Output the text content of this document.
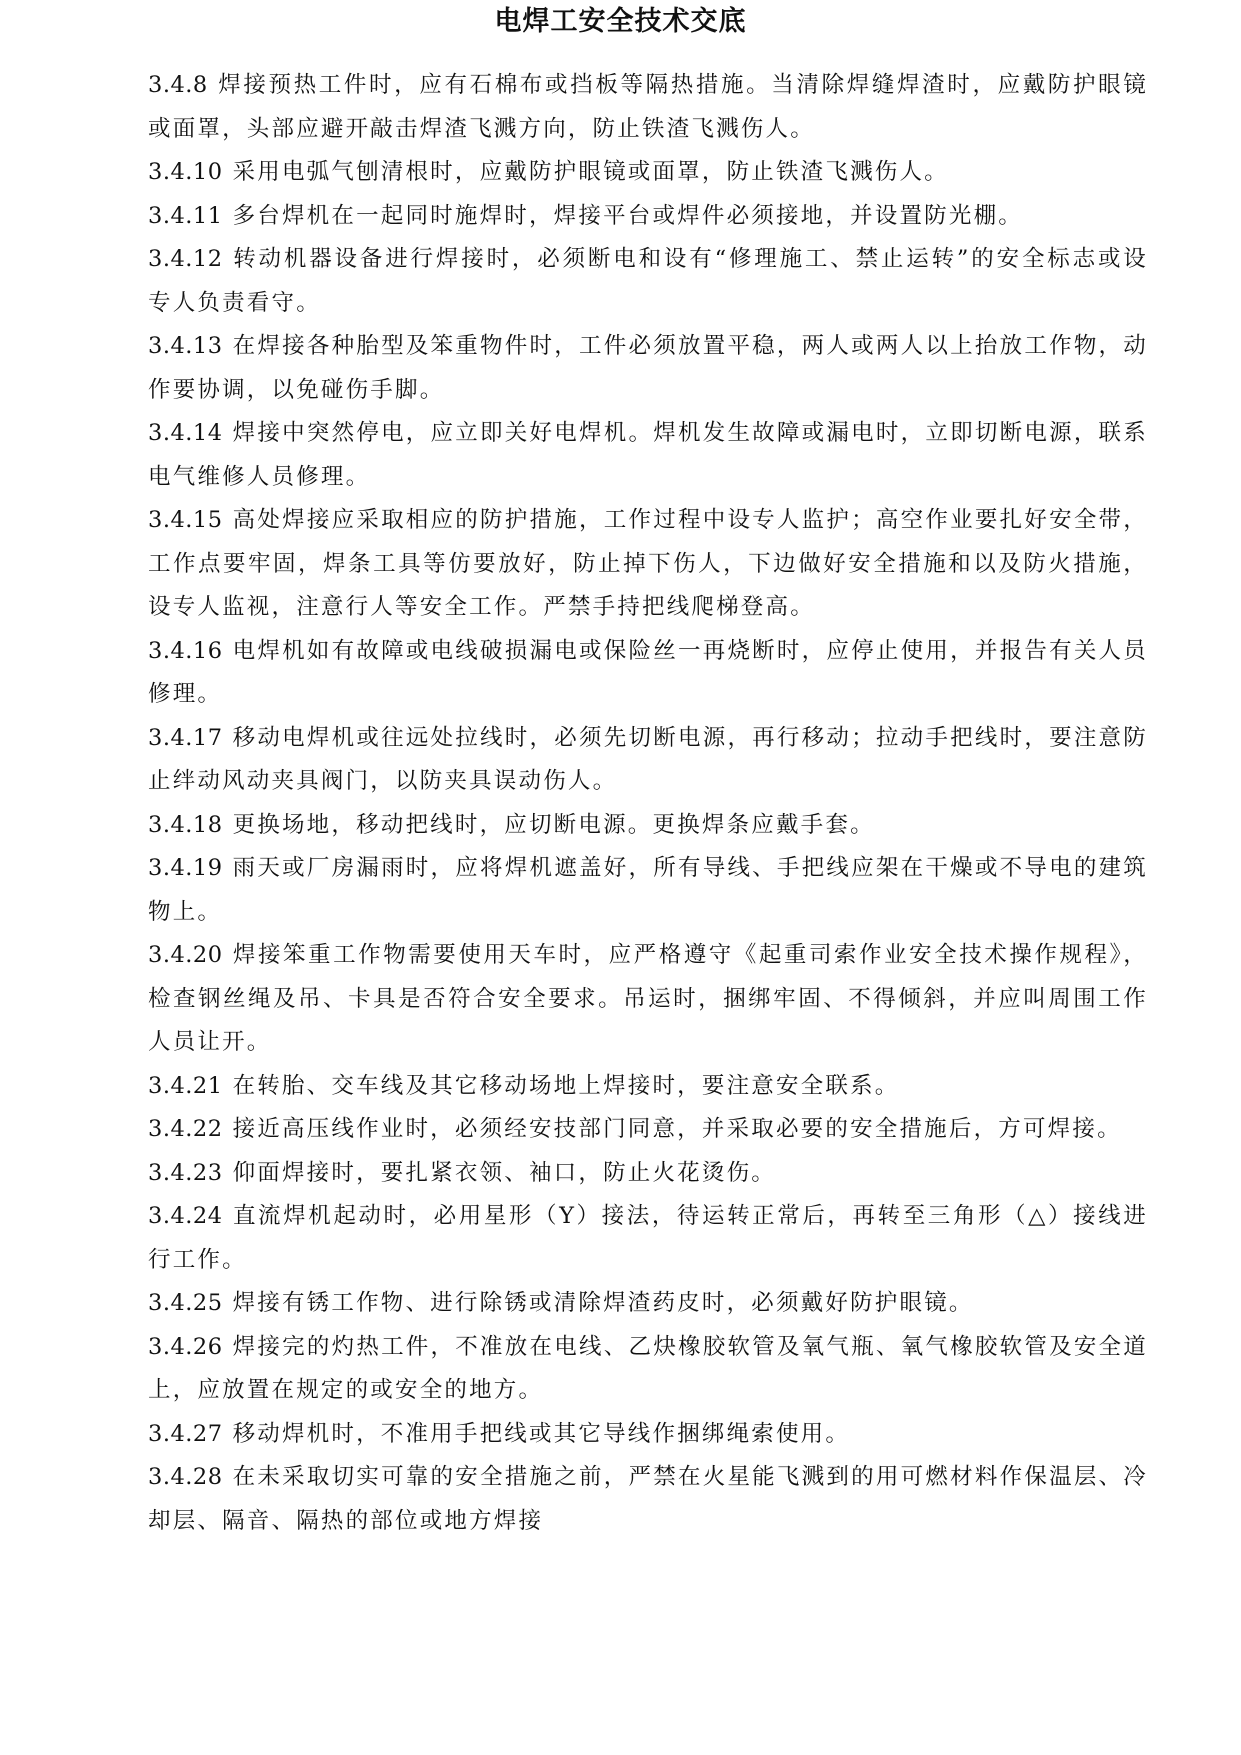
电焊工安全技术交底

3.4.8 焊接预热工件时，应有石棉布或挡板等隔热措施。当清除焊缝焊渣时，应戴防护眼镜或面罩，头部应避开敲击焊渣飞溅方向，防止铁渣飞溅伤人。

3.4.10 采用电弧气刨清根时，应戴防护眼镜或面罩，防止铁渣飞溅伤人。

3.4.11 多台焊机在一起同时施焊时，焊接平台或焊件必须接地，并设置防光棚。

3.4.12 转动机器设备进行焊接时，必须断电和设有“修理施工、禁止运转”的安全标志或设专人负责看守。

3.4.13 在焊接各种胎型及笨重物件时，工件必须放置平稳，两人或两人以上抬放工作物，动作要协调，以免碰伤手脚。

3.4.14 焊接中突然停电，应立即关好电焊机。焊机发生故障或漏电时，立即切断电源，联系电气维修人员修理。

3.4.15 高处焊接应采取相应的防护措施，工作过程中设专人监护；高空作业要扎好安全带，工作点要牢固，焊条工具等仿要放好，防止掉下伤人，下边做好安全措施和以及防火措施，设专人监视，注意行人等安全工作。严禁手持把线爬梯登高。

3.4.16 电焊机如有故障或电线破损漏电或保险丝一再烧断时，应停止使用，并报告有关人员修理。

3.4.17 移动电焊机或往远处拉线时，必须先切断电源，再行移动；拉动手把线时，要注意防止绊动风动夹具阀门，以防夹具误动伤人。

3.4.18 更换场地，移动把线时，应切断电源。更换焊条应戴手套。

3.4.19 雨天或厂房漏雨时，应将焊机遮盖好，所有导线、手把线应架在干燥或不导电的建筑物上。

3.4.20 焊接笨重工作物需要使用天车时，应严格遵守《起重司索作业安全技术操作规程》，检查钢丝绳及吊、卡具是否符合安全要求。吊运时，捆绑牢固、不得倾斜，并应叫周围工作人员让开。

3.4.21 在转胎、交车线及其它移动场地上焊接时，要注意安全联系。

3.4.22 接近高压线作业时，必须经安技部门同意，并采取必要的安全措施后，方可焊接。

3.4.23 仰面焊接时，要扎紧衣领、袖口，防止火花烫伤。

3.4.24 直流焊机起动时，必用星形（Y）接法，待运转正常后，再转至三角形（△）接线进行工作。

3.4.25 焊接有锈工作物、进行除锈或清除焊渣药皮时，必须戴好防护眼镜。

3.4.26 焊接完的灼热工件，不准放在电线、乙炔橡胶软管及氧气瓶、氧气橡胶软管及安全道上，应放置在规定的或安全的地方。

3.4.27 移动焊机时，不准用手把线或其它导线作捆绑绳索使用。

3.4.28 在未采取切实可靠的安全措施之前，严禁在火星能飞溅到的用可燃材料作保温层、冷却层、隔音、隔热的部位或地方焊接
